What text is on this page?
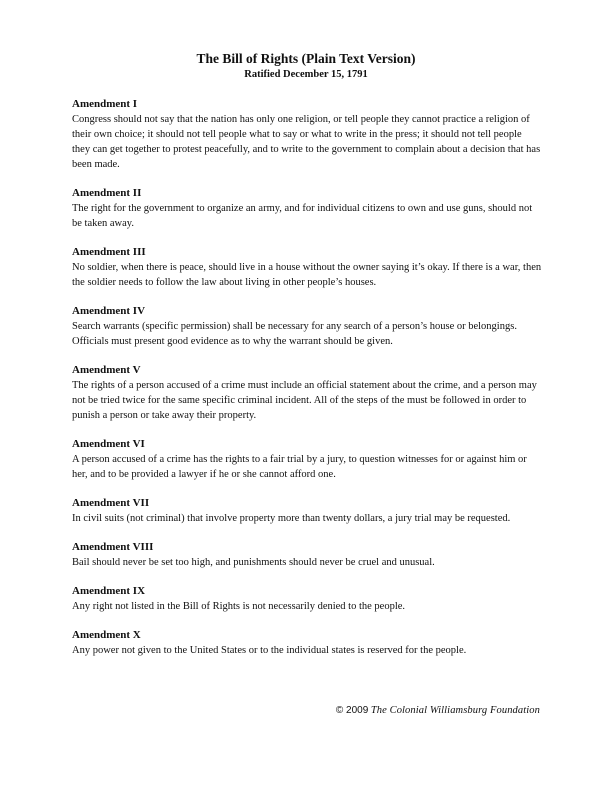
The Bill of Rights (Plain Text Version)
Ratified December 15, 1791
Amendment I
Congress should not say that the nation has only one religion, or tell people they cannot practice a religion of their own choice; it should not tell people what to say or what to write in the press; it should not tell people they can get together to protest peacefully, and to write to the government to complain about a decision that has been made.
Amendment II
The right for the government to organize an army, and for individual citizens to own and use guns, should not be taken away.
Amendment III
No soldier, when there is peace, should live in a house without the owner saying it’s okay. If there is a war, then the soldier needs to follow the law about living in other people’s houses.
Amendment IV
Search warrants (specific permission) shall be necessary for any search of a person’s house or belongings. Officials must present good evidence as to why the warrant should be given.
Amendment V
The rights of a person accused of a crime must include an official statement about the crime, and a person may not be tried twice for the same specific criminal incident. All of the steps of the must be followed in order to punish a person or take away their property.
Amendment VI
A person accused of a crime has the rights to a fair trial by a jury, to question witnesses for or against him or her, and to be provided a lawyer if he or she cannot afford one.
Amendment VII
In civil suits (not criminal) that involve property more than twenty dollars, a jury trial may be requested.
Amendment VIII
Bail should never be set too high, and punishments should never be cruel and unusual.
Amendment IX
Any right not listed in the Bill of Rights is not necessarily denied to the people.
Amendment X
Any power not given to the United States or to the individual states is reserved for the people.
© 2009 The Colonial Williamsburg Foundation
